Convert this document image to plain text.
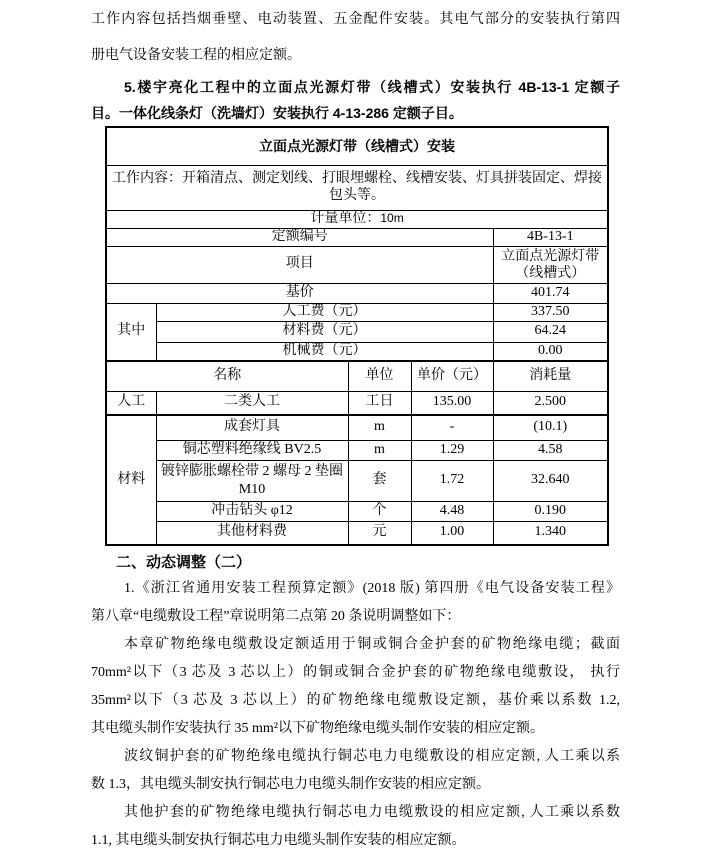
工作内容包括挡烟垂壁、电动装置、五金配件安装。其电气部分的安装执行第四
册电气设备安装工程的相应定额。

5.楼宇亮化工程中的立面点光源灯带（线槽式）安装执行 4B-13-1 定额子
目。一体化线条灯（洗墙灯）安装执行 4-13-286 定额子目。

立面点光源灯带（线槽式）安装				
工作内容：开箱清点、测定划线、打眼埋螺栓、线槽安装、灯具拼装固定、焊接包头等。				
计量单位：10m				
定额编号				4B-13-1
项目				立面点光源灯带
（线槽式）

基价				401.74
其中	人工费（元）			337.50
	材料费（元）			64.24
	机械费（元）			0.00
名称		单位	单价（元）	消耗量
人工	二类人工	工日	135.00	2.500
材料	成套灯具	m	-	(10.1)
	铜芯塑料绝缘线 BV2.5	m	1.29	4.58
	镀锌膨胀螺栓带 2 螺母 2 垫圈 M10	套	1.72	32.640
	冲击钻头 φ12	个	4.48	0.190
	其他材料费	元	1.00	1.340
二、动态调整（二）

1.《浙江省通用安装工程预算定额》(2018 版) 第四册《电气设备安装工程》
第八章“电缆敷设工程”章说明第二点第 20 条说明调整如下：

本章矿物绝缘电缆敷设定额适用于铜或铜合金护套的矿物绝缘电缆；截面
70mm²以下（3 芯及 3 芯以上）的铜或铜合金护套的矿物绝缘电缆敷设， 执行
35mm²以下（3 芯及 3 芯以上）的矿物绝缘电缆敷设定额，基价乘以系数 1.2,
其电缆头制作安装执行 35 mm²以下矿物绝缘电缆头制作安装的相应定额。

波纹铜护套的矿物绝缘电缆执行铜芯电力电缆敷设的相应定额, 人工乘以系
数 1.3，其电缆头制安执行铜芯电力电缆头制作安装的相应定额。

其他护套的矿物绝缘电缆执行铜芯电力电缆敷设的相应定额, 人工乘以系数
1.1, 其电缆头制安执行铜芯电力电缆头制作安装的相应定额。
